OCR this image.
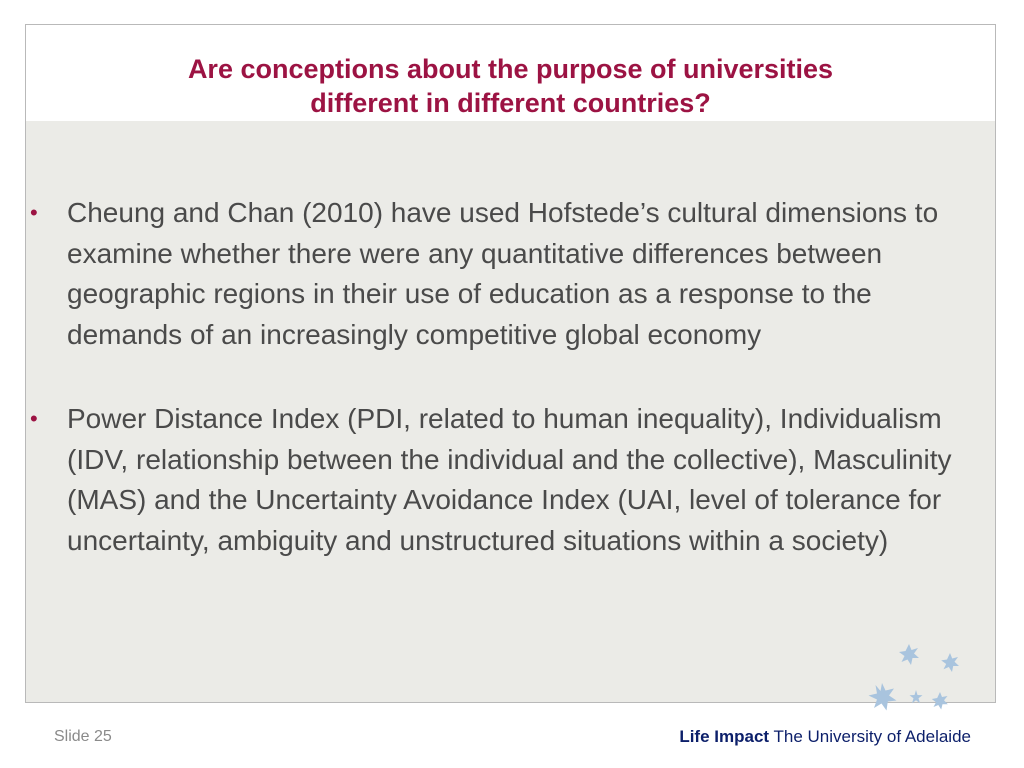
Are conceptions about the purpose of universities
different in different countries?
• Cheung and Chan (2010) have used Hofstede’s cultural dimensions to examine whether there were any quantitative differences between geographic regions in their use of education as a response to the demands of an increasingly competitive global economy
• Power Distance Index (PDI, related to human inequality), Individualism (IDV, relationship between the individual and the collective), Masculinity (MAS) and the Uncertainty Avoidance Index (UAI, level of tolerance for uncertainty, ambiguity and unstructured situations within a society)
Slide 25	Life Impact The University of Adelaide
